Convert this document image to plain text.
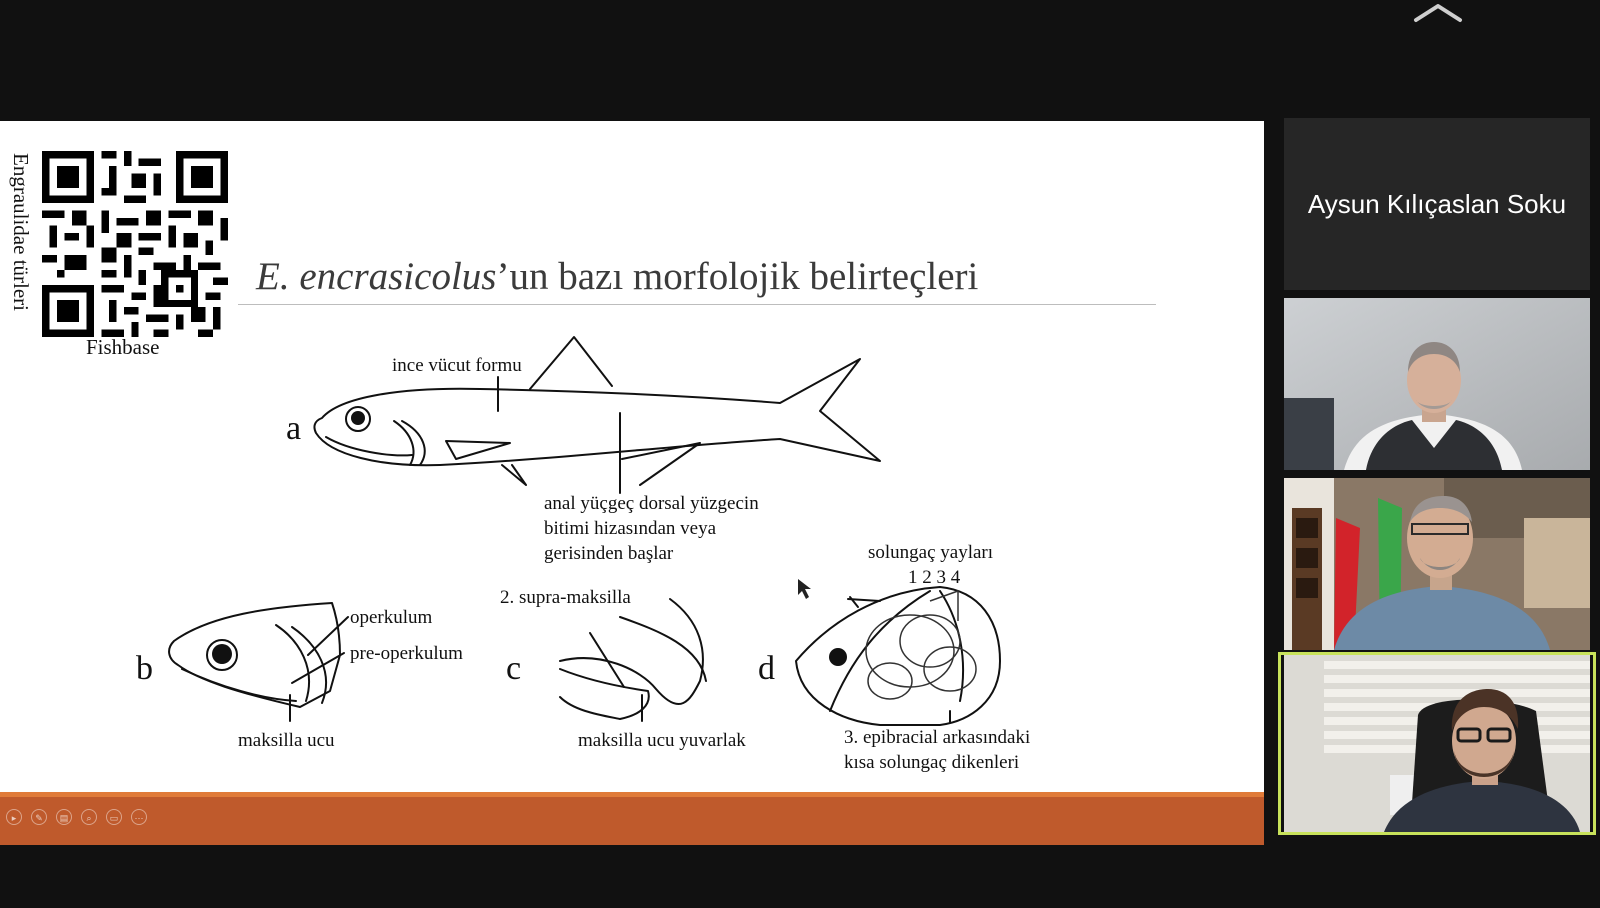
Engraulidae türleri
Fishbase
E. encrasicolus’un bazı morfolojik belirteçleri
a
b	c	d
ince vücut formu
anal yüçgeç dorsal yüzgecin
bitimi hizasından veya
gerisinden başlar
operkulum
pre-operkulum
maksilla ucu
2. supra-maksilla
maksilla ucu yuvarlak
solungaç yayları
1 2 3 4
3. epibracial arkasındaki
kısa solungaç dikenleri
▸	✎	▤	⌕	▭	⋯
Aysun Kılıçaslan Soku
